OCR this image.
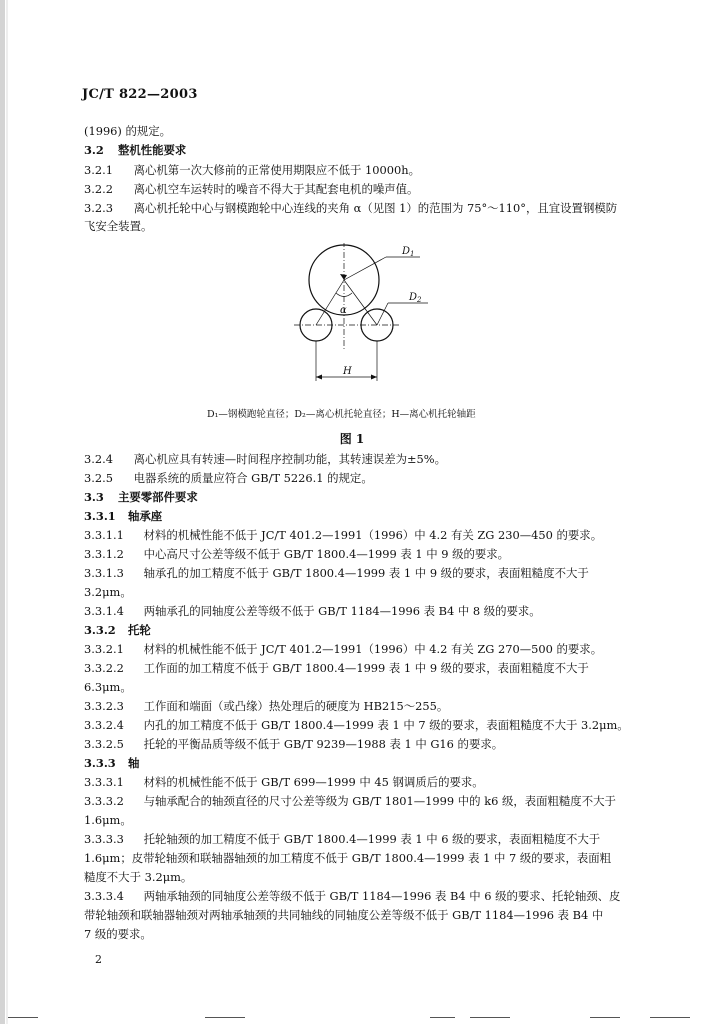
JC/T 822—2003
(1996) 的规定。
3.2 整机性能要求
3.2.1 离心机第一次大修前的正常使用期限应不低于 10000h。
3.2.2 离心机空车运转时的噪音不得大于其配套电机的噪声值。
3.2.3 离心机托轮中心与钢模跑轮中心连线的夹角 α（见图 1）的范围为 75°～110°，且宜设置钢模防
飞安全装置。
$D_1$
$D_2$
α
H
D₁—钢模跑轮直径；D₂—离心机托轮直径；H—离心机托轮轴距
图 1
3.2.4 离心机应具有转速—时间程序控制功能，其转速误差为±5%。
3.2.5 电器系统的质量应符合 GB/T 5226.1 的规定。
3.3 主要零部件要求
3.3.1 轴承座
3.3.1.1 材料的机械性能不低于 JC/T 401.2—1991（1996）中 4.2 有关 ZG 230—450 的要求。
3.3.1.2 中心高尺寸公差等级不低于 GB/T 1800.4—1999 表 1 中 9 级的要求。
3.3.1.3 轴承孔的加工精度不低于 GB/T 1800.4—1999 表 1 中 9 级的要求，表面粗糙度不大于
3.2μm。
3.3.1.4 两轴承孔的同轴度公差等级不低于 GB/T 1184—1996 表 B4 中 8 级的要求。
3.3.2 托轮
3.3.2.1 材料的机械性能不低于 JC/T 401.2—1991（1996）中 4.2 有关 ZG 270—500 的要求。
3.3.2.2 工作面的加工精度不低于 GB/T 1800.4—1999 表 1 中 9 级的要求，表面粗糙度不大于
6.3μm。
3.3.2.3 工作面和端面（或凸缘）热处理后的硬度为 HB215～255。
3.3.2.4 内孔的加工精度不低于 GB/T 1800.4—1999 表 1 中 7 级的要求，表面粗糙度不大于 3.2μm。
3.3.2.5 托轮的平衡品质等级不低于 GB/T 9239—1988 表 1 中 G16 的要求。
3.3.3 轴
3.3.3.1 材料的机械性能不低于 GB/T 699—1999 中 45 钢调质后的要求。
3.3.3.2 与轴承配合的轴颈直径的尺寸公差等级为 GB/T 1801—1999 中的 k6 级，表面粗糙度不大于
1.6μm。
3.3.3.3 托轮轴颈的加工精度不低于 GB/T 1800.4—1999 表 1 中 6 级的要求，表面粗糙度不大于
1.6μm；皮带轮轴颈和联轴器轴颈的加工精度不低于 GB/T 1800.4—1999 表 1 中 7 级的要求，表面粗
糙度不大于 3.2μm。
3.3.3.4 两轴承轴颈的同轴度公差等级不低于 GB/T 1184—1996 表 B4 中 6 级的要求、托轮轴颈、皮
带轮轴颈和联轴器轴颈对两轴承轴颈的共同轴线的同轴度公差等级不低于 GB/T 1184—1996 表 B4 中
7 级的要求。
2
